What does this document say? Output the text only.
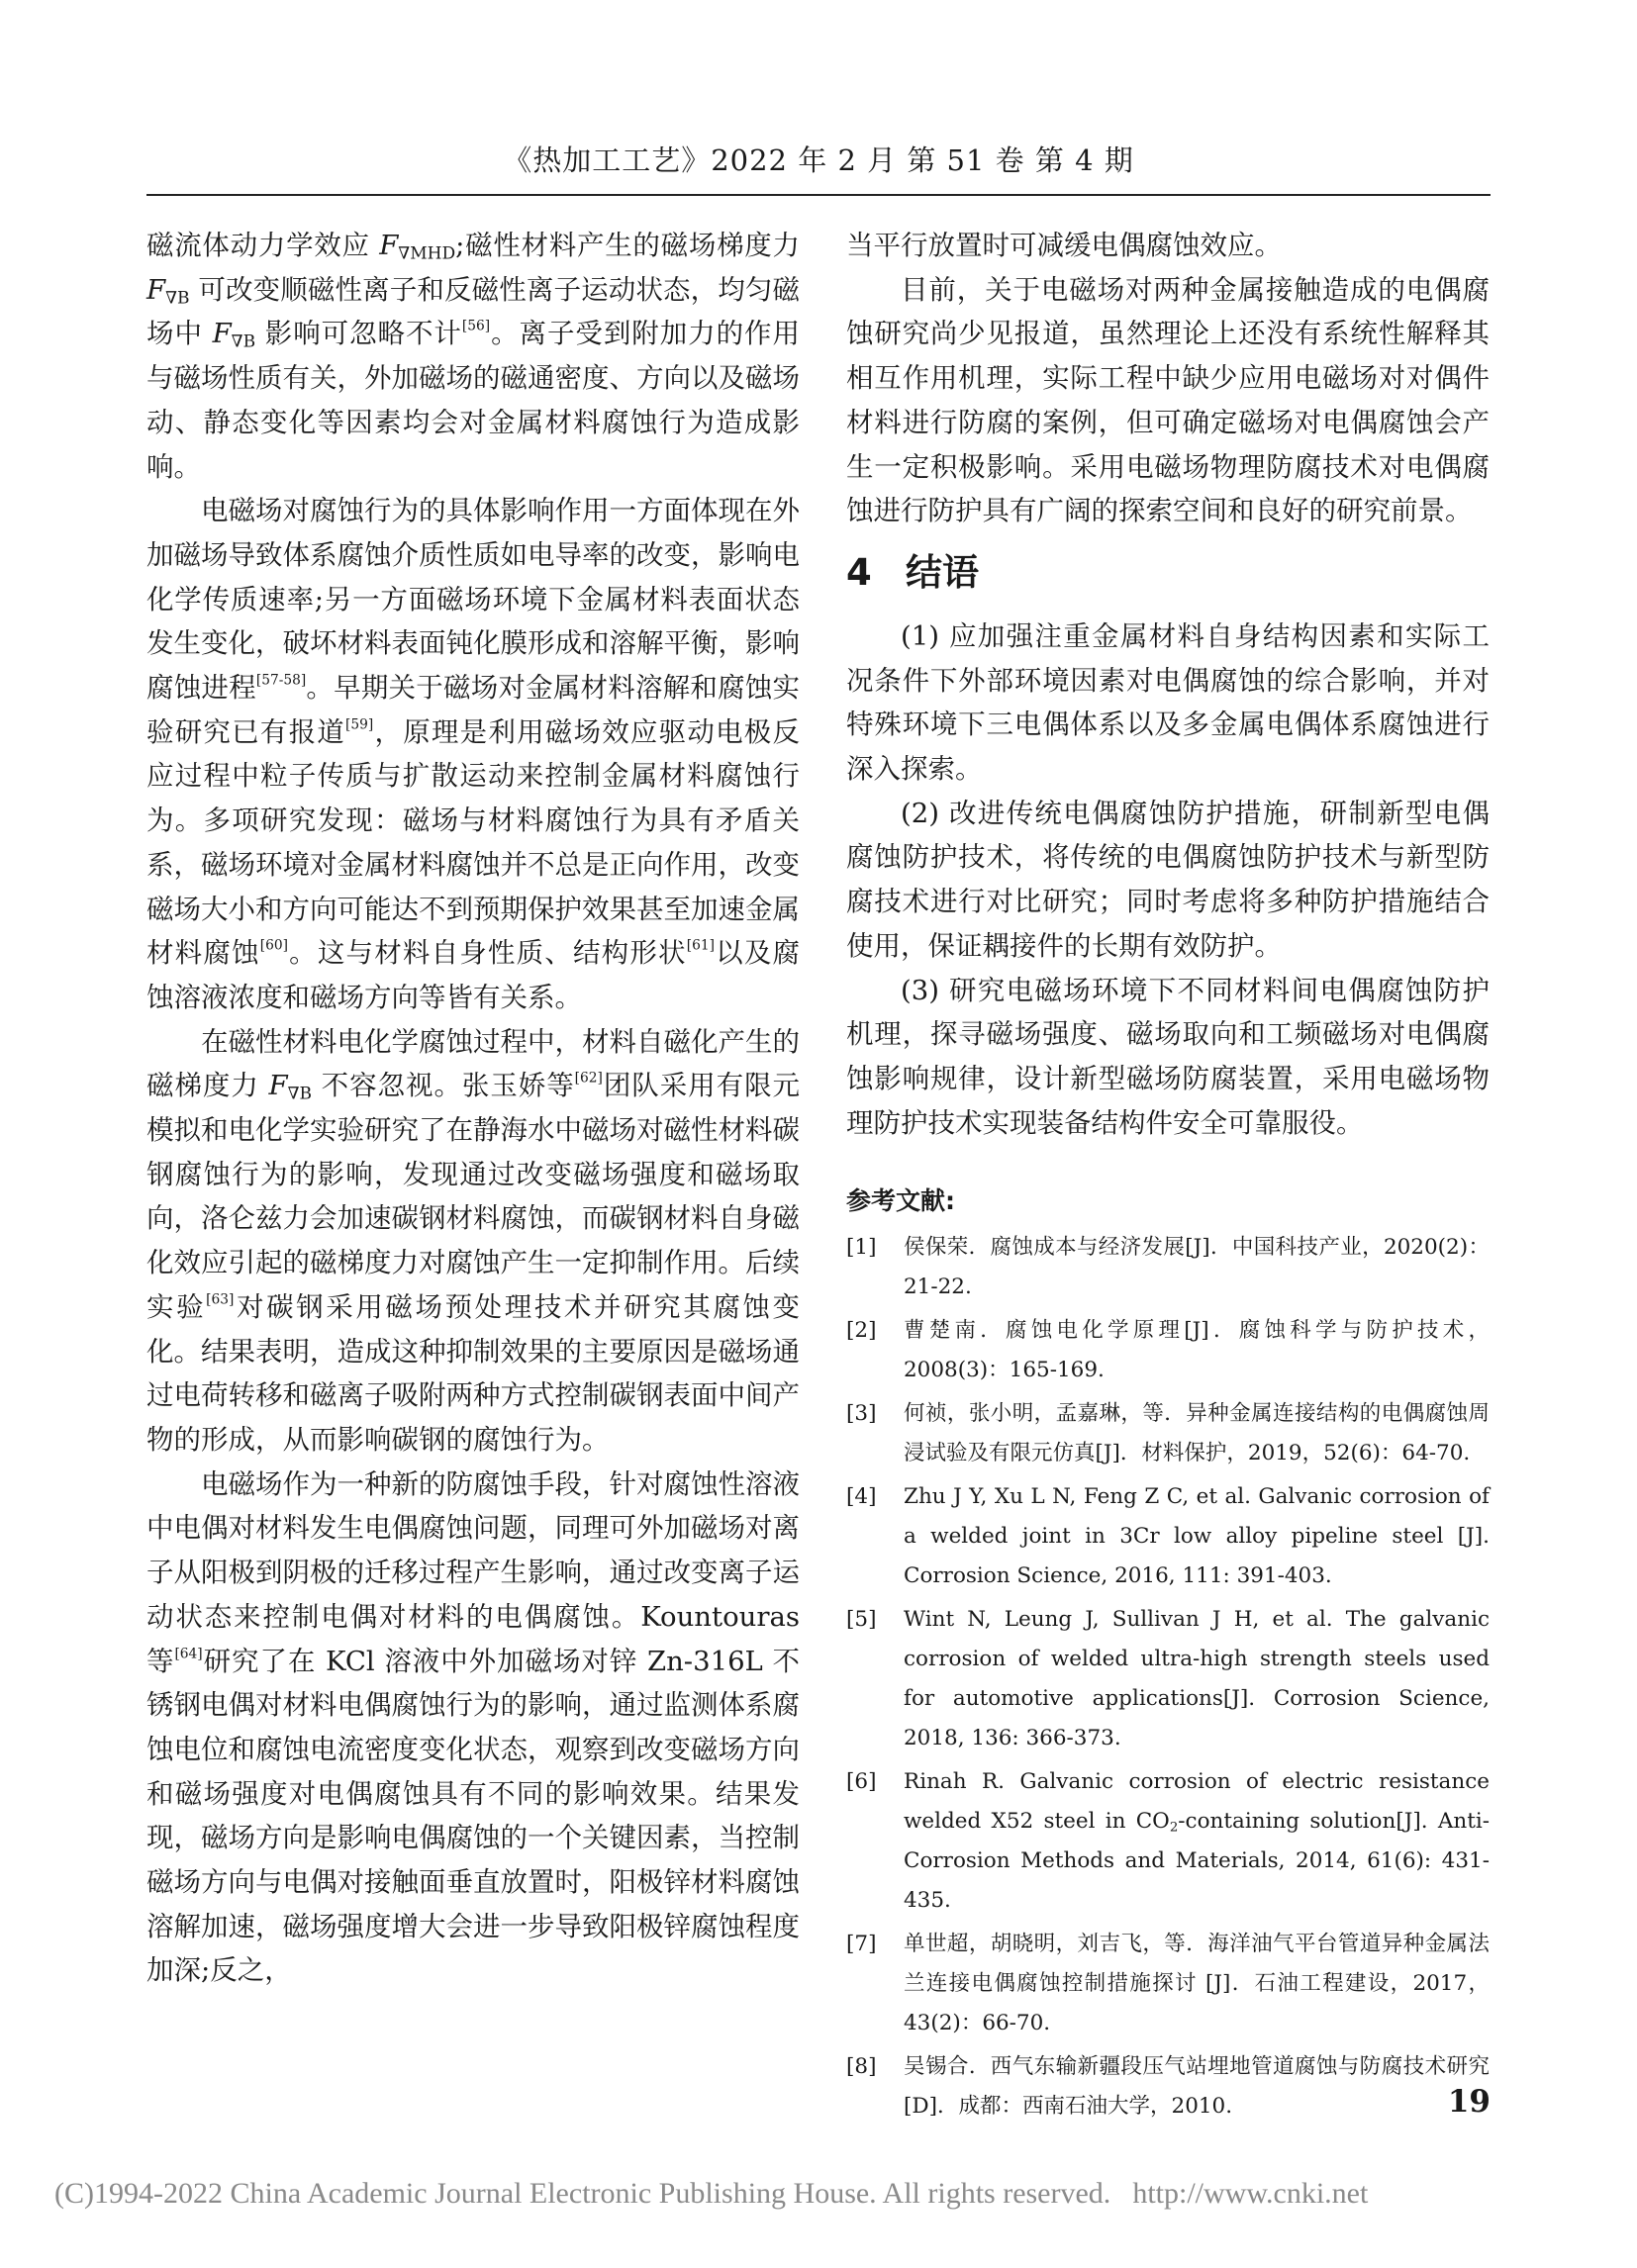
《热加工工艺》2022 年 2 月 第 51 卷 第 4 期

磁流体动力学效应 $F_{\nabla MHD}$;磁性材料产生的磁场梯度力 $F_{\nabla B}$ 可改变顺磁性离子和反磁性离子运动状态，均匀磁场中 $F_{\nabla B}$ 影响可忽略不计[56]。离子受到附加力的作用与磁场性质有关，外加磁场的磁通密度、方向以及磁场动、静态变化等因素均会对金属材料腐蚀行为造成影响。

电磁场对腐蚀行为的具体影响作用一方面体现在外加磁场导致体系腐蚀介质性质如电导率的改变，影响电化学传质速率;另一方面磁场环境下金属材料表面状态发生变化，破坏材料表面钝化膜形成和溶解平衡，影响腐蚀进程[57-58]。早期关于磁场对金属材料溶解和腐蚀实验研究已有报道[59]，原理是利用磁场效应驱动电极反应过程中粒子传质与扩散运动来控制金属材料腐蚀行为。多项研究发现：磁场与材料腐蚀行为具有矛盾关系，磁场环境对金属材料腐蚀并不总是正向作用，改变磁场大小和方向可能达不到预期保护效果甚至加速金属材料腐蚀[60]。这与材料自身性质、结构形状[61]以及腐蚀溶液浓度和磁场方向等皆有关系。

在磁性材料电化学腐蚀过程中，材料自磁化产生的磁梯度力 $F_{\nabla B}$ 不容忽视。张玉娇等[62]团队采用有限元模拟和电化学实验研究了在静海水中磁场对磁性材料碳钢腐蚀行为的影响，发现通过改变磁场强度和磁场取向，洛仑兹力会加速碳钢材料腐蚀，而碳钢材料自身磁化效应引起的磁梯度力对腐蚀产生一定抑制作用。后续实验[63]对碳钢采用磁场预处理技术并研究其腐蚀变化。结果表明，造成这种抑制效果的主要原因是磁场通过电荷转移和磁离子吸附两种方式控制碳钢表面中间产物的形成，从而影响碳钢的腐蚀行为。

电磁场作为一种新的防腐蚀手段，针对腐蚀性溶液中电偶对材料发生电偶腐蚀问题，同理可外加磁场对离子从阳极到阴极的迁移过程产生影响，通过改变离子运动状态来控制电偶对材料的电偶腐蚀。Kountouras 等[64]研究了在 KCl 溶液中外加磁场对锌 Zn-316L 不锈钢电偶对材料电偶腐蚀行为的影响，通过监测体系腐蚀电位和腐蚀电流密度变化状态，观察到改变磁场方向和磁场强度对电偶腐蚀具有不同的影响效果。结果发现，磁场方向是影响电偶腐蚀的一个关键因素，当控制磁场方向与电偶对接触面垂直放置时，阳极锌材料腐蚀溶解加速，磁场强度增大会进一步导致阳极锌腐蚀程度加深;反之，

当平行放置时可减缓电偶腐蚀效应。

目前，关于电磁场对两种金属接触造成的电偶腐蚀研究尚少见报道，虽然理论上还没有系统性解释其相互作用机理，实际工程中缺少应用电磁场对对偶件材料进行防腐的案例，但可确定磁场对电偶腐蚀会产生一定积极影响。采用电磁场物理防腐技术对电偶腐蚀进行防护具有广阔的探索空间和良好的研究前景。

4 结语

(1) 应加强注重金属材料自身结构因素和实际工况条件下外部环境因素对电偶腐蚀的综合影响，并对特殊环境下三电偶体系以及多金属电偶体系腐蚀进行深入探索。

(2) 改进传统电偶腐蚀防护措施，研制新型电偶腐蚀防护技术，将传统的电偶腐蚀防护技术与新型防腐技术进行对比研究；同时考虑将多种防护措施结合使用，保证耦接件的长期有效防护。

(3) 研究电磁场环境下不同材料间电偶腐蚀防护机理，探寻磁场强度、磁场取向和工频磁场对电偶腐蚀影响规律，设计新型磁场防腐装置，采用电磁场物理防护技术实现装备结构件安全可靠服役。

参考文献:

[1] 侯保荣．腐蚀成本与经济发展[J]．中国科技产业，2020(2)：21-22.

[2] 曹楚南．腐蚀电化学原理[J]．腐蚀科学与防护技术，2008(3)：165-169.

[3] 何祯，张小明，孟嘉琳，等．异种金属连接结构的电偶腐蚀周浸试验及有限元仿真[J]．材料保护，2019，52(6)：64-70.

[4] Zhu J Y, Xu L N, Feng Z C, et al. Galvanic corrosion of a welded joint in 3Cr low alloy pipeline steel [J]. Corrosion Science, 2016, 111: 391-403.

[5] Wint N, Leung J, Sullivan J H, et al. The galvanic corrosion of welded ultra-high strength steels used for automotive applications[J]. Corrosion Science, 2018, 136: 366-373.

[6] Rinah R. Galvanic corrosion of electric resistance welded X52 steel in $CO_2$-containing solution[J]. Anti-Corrosion Methods and Materials, 2014, 61(6): 431-435.

[7] 单世超，胡晓明，刘吉飞，等．海洋油气平台管道异种金属法兰连接电偶腐蚀控制措施探讨 [J]．石油工程建设，2017，43(2)：66-70.

[8] 吴锡合．西气东输新疆段压气站埋地管道腐蚀与防腐技术研究[D]．成都：西南石油大学，2010.	19
(C)1994-2022 China Academic Journal Electronic Publishing House. All rights reserved. http://www.cnki.net
